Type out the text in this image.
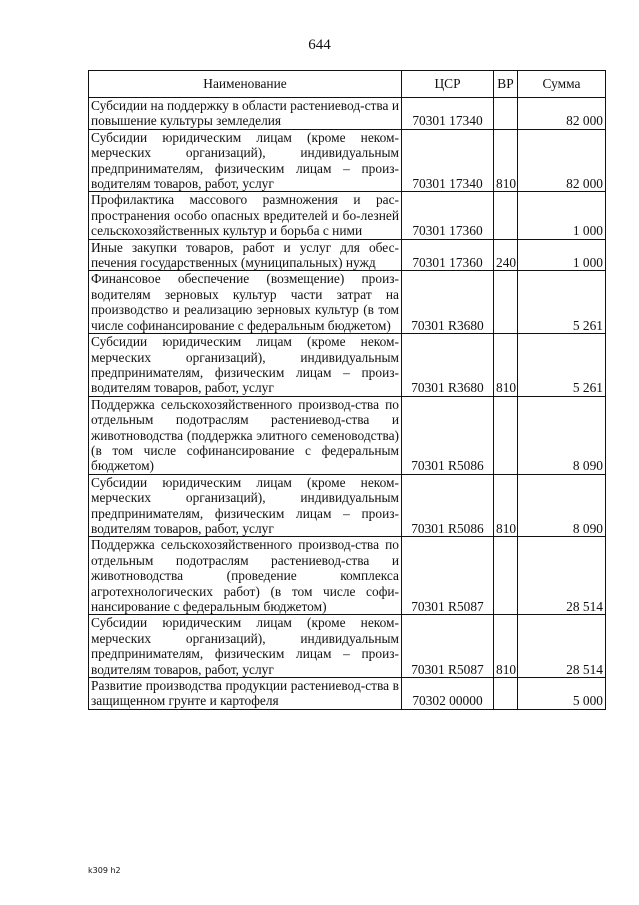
644
Наименование	ЦСР	ВР	Сумма
Субсидии на поддержку в области растениевод-ства и повышение культуры земледелия	70301 17340		82 000
Субсидии юридическим лицам (кроме неком-мерческих организаций), индивидуальным предпринимателям, физическим лицам – произ-водителям товаров, работ, услуг	70301 17340	810	82 000
Профилактика массового размножения и рас-пространения особо опасных вредителей и бо-лезней сельскохозяйственных культур и борьба с ними	70301 17360		1 000
Иные закупки товаров, работ и услуг для обес-печения государственных (муниципальных) нужд	70301 17360	240	1 000
Финансовое обеспечение (возмещение) произ-водителям зерновых культур части затрат на производство и реализацию зерновых культур (в том числе софинансирование с федеральным бюджетом)	70301 R3680		5 261
Субсидии юридическим лицам (кроме неком-мерческих организаций), индивидуальным предпринимателям, физическим лицам – произ-водителям товаров, работ, услуг	70301 R3680	810	5 261
Поддержка сельскохозяйственного производ-ства по отдельным подотраслям растениевод-ства и животноводства (поддержка элитного семеноводства) (в том числе софинансирование с федеральным бюджетом)	70301 R5086		8 090
Субсидии юридическим лицам (кроме неком-мерческих организаций), индивидуальным предпринимателям, физическим лицам – произ-водителям товаров, работ, услуг	70301 R5086	810	8 090
Поддержка сельскохозяйственного производ-ства по отдельным подотраслям растениевод-ства и животноводства (проведение комплекса агротехнологических работ) (в том числе софи-нансирование с федеральным бюджетом)	70301 R5087		28 514
Субсидии юридическим лицам (кроме неком-мерческих организаций), индивидуальным предпринимателям, физическим лицам – произ-водителям товаров, работ, услуг	70301 R5087	810	28 514
Развитие производства продукции растениевод-ства в защищенном грунте и картофеля	70302 00000		5 000
k309 h2
